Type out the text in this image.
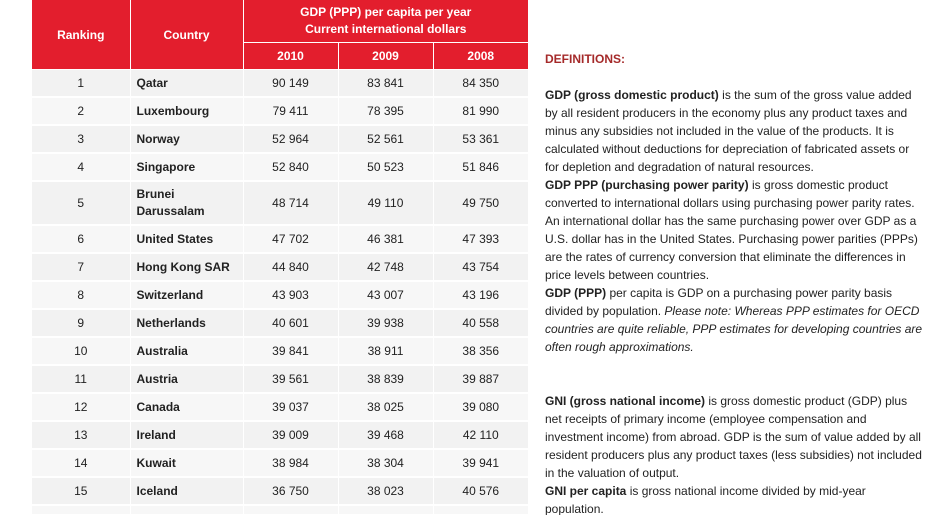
Ranking	Country	GDP (PPP) per capita per year
Current international dollars		
		2010	2009	2008
1	Qatar	90 149	83 841	84 350
2	Luxembourg	79 411	78 395	81 990
3	Norway	52 964	52 561	53 361
4	Singapore	52 840	50 523	51 846
5	Brunei Darussalam	48 714	49 110	49 750
6	United States	47 702	46 381	47 393
7	Hong Kong SAR	44 840	42 748	43 754
8	Switzerland	43 903	43 007	43 196
9	Netherlands	40 601	39 938	40 558
10	Australia	39 841	38 911	38 356
11	Austria	39 561	38 839	39 887
12	Canada	39 037	38 025	39 080
13	Ireland	39 009	39 468	42 110
14	Kuwait	38 984	38 304	39 941
15	Iceland	36 750	38 023	40 576

DEFINITIONS:

GDP (gross domestic product) is the sum of the gross value added by all resident producers in the economy plus any product taxes and minus any subsidies not included in the value of the products. It is calculated without deductions for depreciation of fabricated assets or for depletion and degradation of natural resources.

GDP PPP (purchasing power parity) is gross domestic product converted to international dollars using purchasing power parity rates. An international dollar has the same purchasing power over GDP as a U.S. dollar has in the United States. Purchasing power parities (PPPs) are the rates of currency conversion that eliminate the differences in price levels between countries.

GDP (PPP) per capita is GDP on a purchasing power parity basis divided by population. Please note: Whereas PPP estimates for OECD countries are quite reliable, PPP estimates for developing countries are often rough approximations.

GNI (gross national income) is gross domestic product (GDP) plus net receipts of primary income (employee compensation and investment income) from abroad. GDP is the sum of value added by all resident producers plus any product taxes (less subsidies) not included in the valuation of output.

GNI per capita is gross national income divided by mid-year population.
